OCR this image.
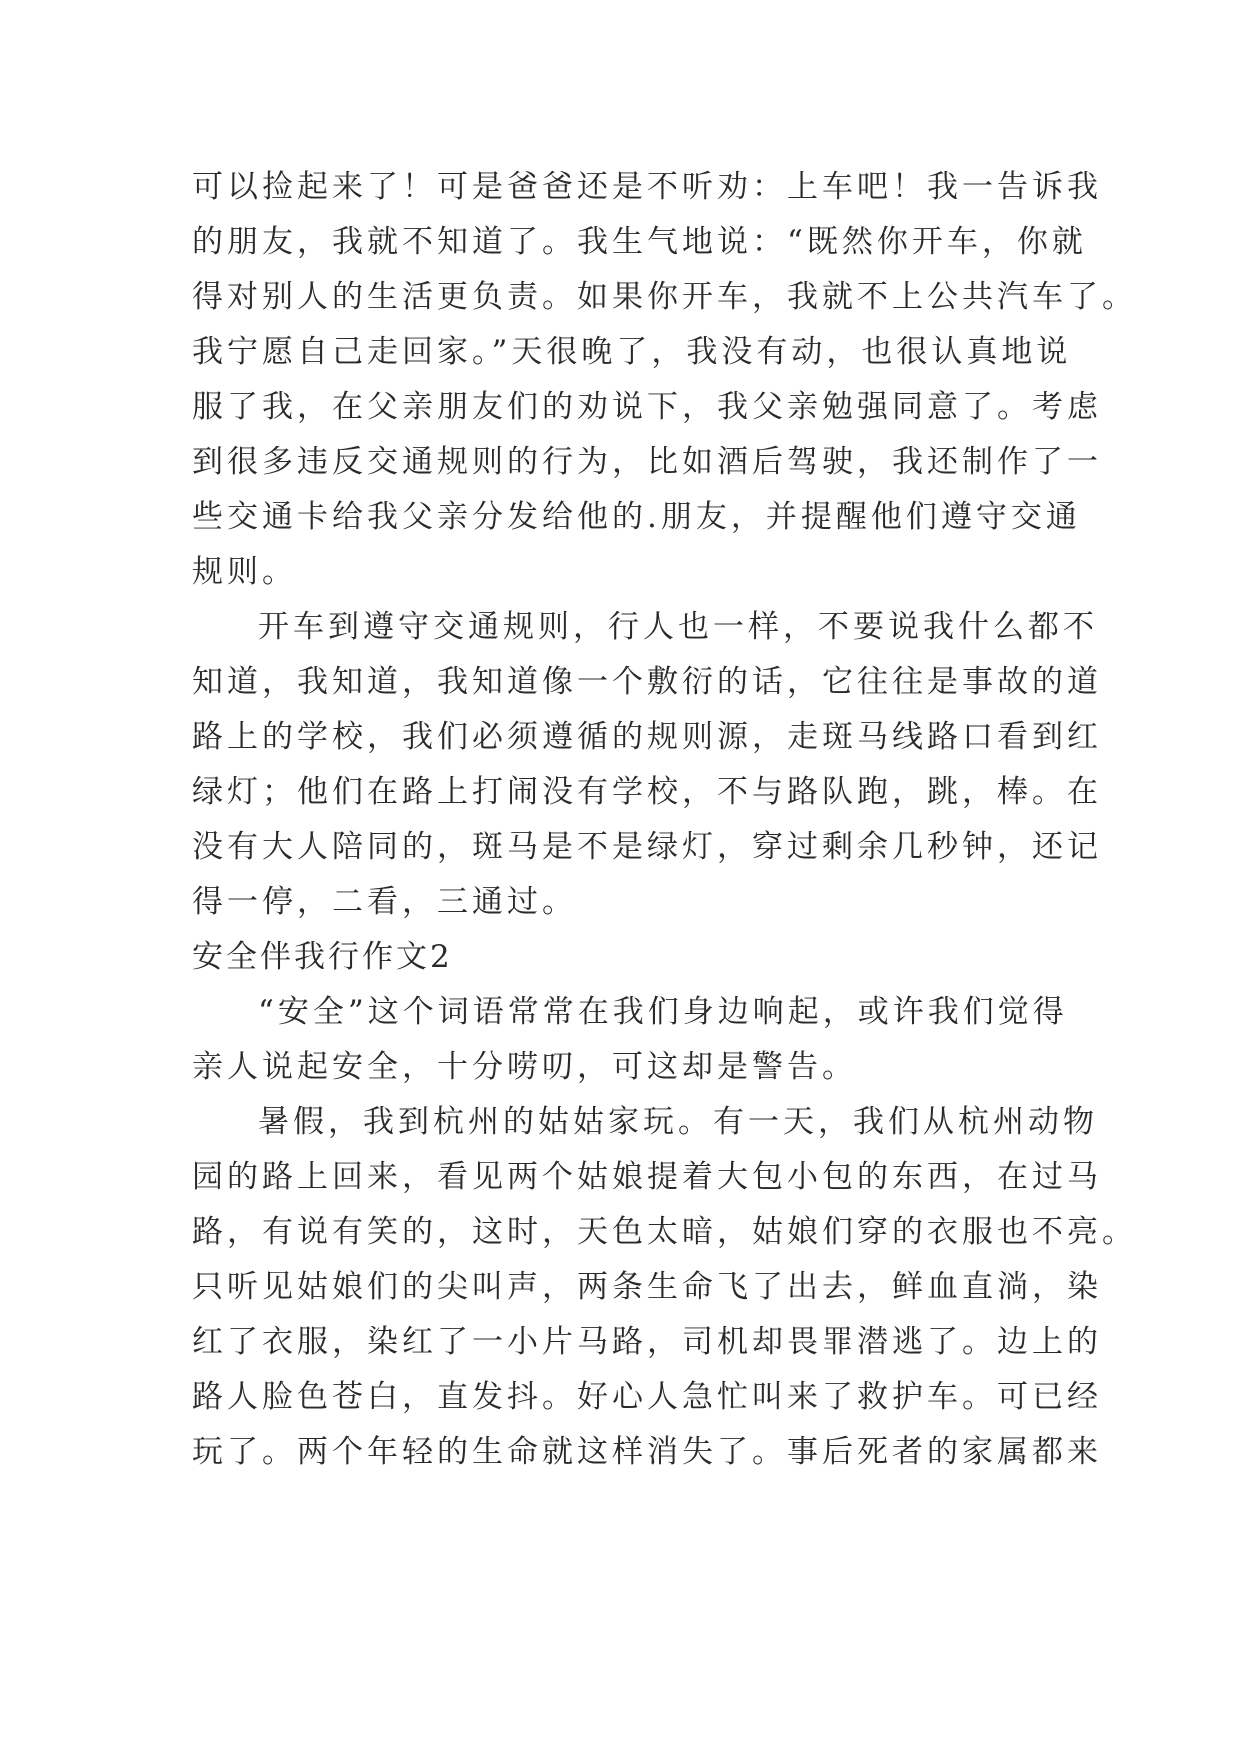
可以捡起来了！可是爸爸还是不听劝：上车吧！我一告诉我
的朋友，我就不知道了。我生气地说：“既然你开车，你就
得对别人的生活更负责。如果你开车，我就不上公共汽车了。
我宁愿自己走回家。”天很晚了，我没有动，也很认真地说
服了我，在父亲朋友们的劝说下，我父亲勉强同意了。考虑
到很多违反交通规则的行为，比如酒后驾驶，我还制作了一
些交通卡给我父亲分发给他的.朋友，并提醒他们遵守交通
规则。
开车到遵守交通规则，行人也一样，不要说我什么都不
知道，我知道，我知道像一个敷衍的话，它往往是事故的道
路上的学校，我们必须遵循的规则源，走斑马线路口看到红
绿灯；他们在路上打闹没有学校，不与路队跑，跳，棒。在
没有大人陪同的，斑马是不是绿灯，穿过剩余几秒钟，还记
得一停，二看，三通过。
安全伴我行作文2
“安全”这个词语常常在我们身边响起，或许我们觉得
亲人说起安全，十分唠叨，可这却是警告。
暑假，我到杭州的姑姑家玩。有一天，我们从杭州动物
园的路上回来，看见两个姑娘提着大包小包的东西，在过马
路，有说有笑的，这时，天色太暗，姑娘们穿的衣服也不亮。
只听见姑娘们的尖叫声，两条生命飞了出去，鲜血直淌，染
红了衣服，染红了一小片马路，司机却畏罪潜逃了。边上的
路人脸色苍白，直发抖。好心人急忙叫来了救护车。可已经
玩了。两个年轻的生命就这样消失了。事后死者的家属都来
